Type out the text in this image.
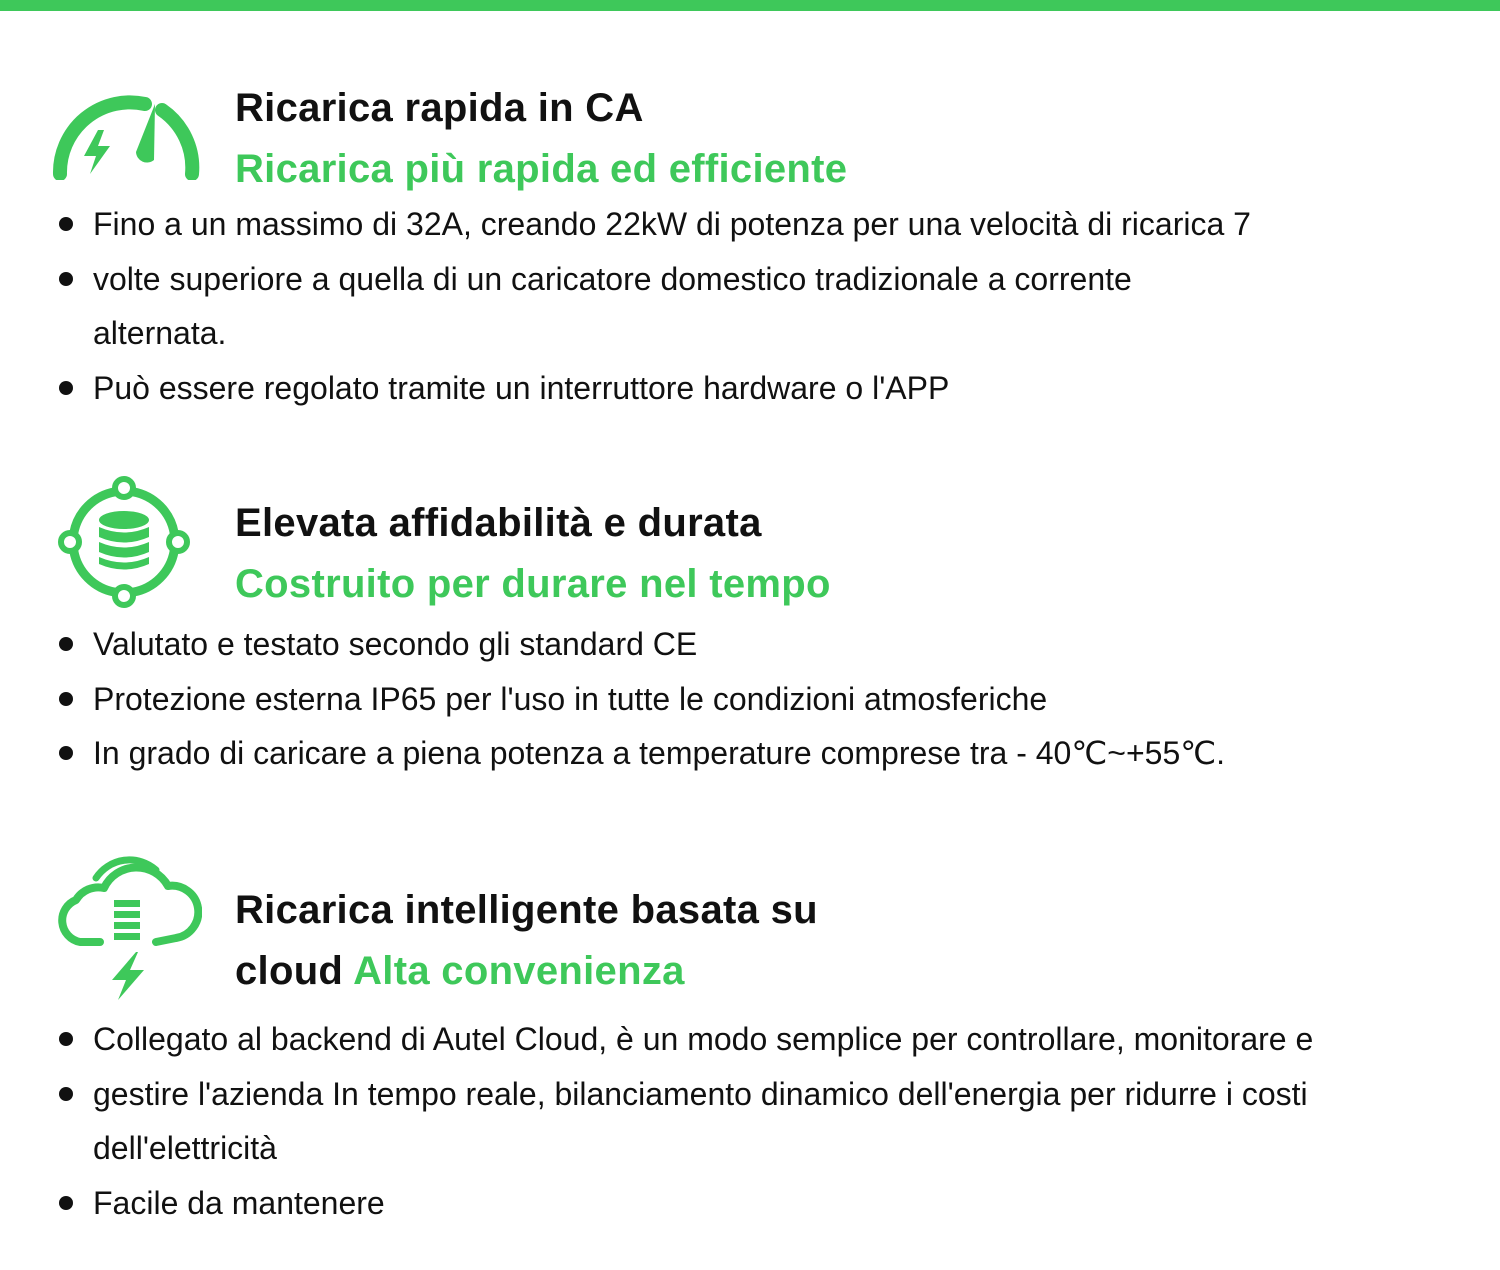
Ricarica rapida in CA
Ricarica più rapida ed efficiente
Fino a un massimo di 32A, creando 22kW di potenza per una velocità di ricarica 7
volte superiore a quella di un caricatore domestico tradizionale a corrente
alternata.
Può essere regolato tramite un interruttore hardware o l'APP
Elevata affidabilità e durata
Costruito per durare nel tempo
Valutato e testato secondo gli standard CE
Protezione esterna IP65 per l'uso in tutte le condizioni atmosferiche
In grado di caricare a piena potenza a temperature comprese tra - 40℃~+55℃.
Ricarica intelligente basata su
cloud Alta convenienza
Collegato al backend di Autel Cloud, è un modo semplice per controllare, monitorare e
gestire l'azienda In tempo reale, bilanciamento dinamico dell'energia per ridurre i costi
dell'elettricità
Facile da mantenere
